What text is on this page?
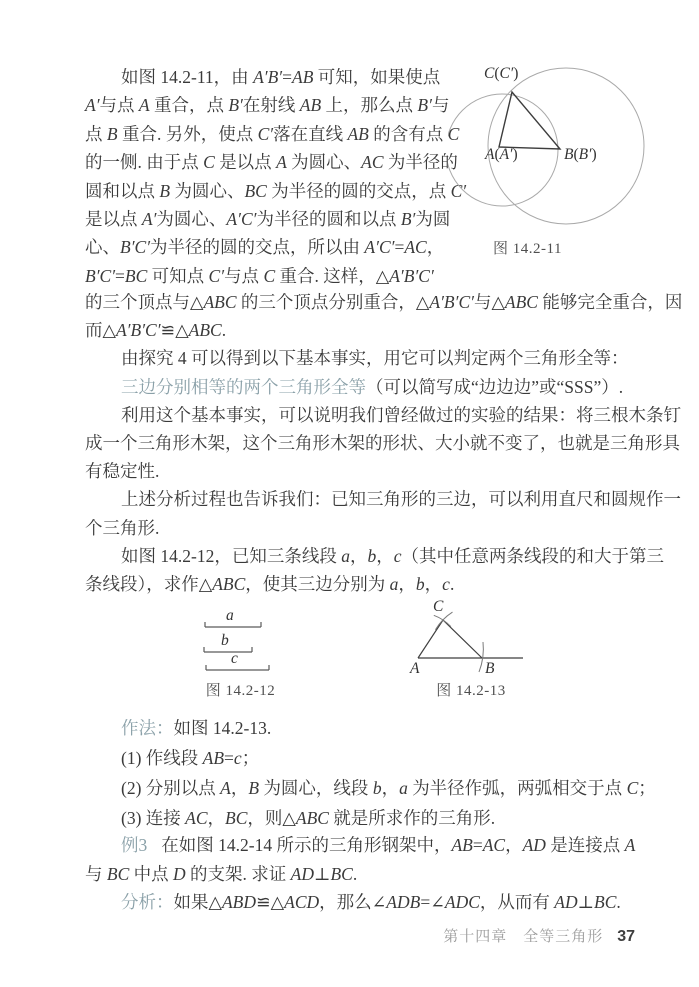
如图 14.2-11，由 A′B′=AB 可知，如果使点
A′与点 A 重合，点 B′在射线 AB 上，那么点 B′与
点 B 重合. 另外，使点 C′落在直线 AB 的含有点 C
的一侧. 由于点 C 是以点 A 为圆心、AC 为半径的
圆和以点 B 为圆心、BC 为半径的圆的交点，点 C′
是以点 A′为圆心、A′C′为半径的圆和以点 B′为圆
心、B′C′为半径的圆的交点，所以由 A′C′=AC，
B′C′=BC 可知点 C′与点 C 重合. 这样，△A′B′C′
C(C′)
A(A′)	B(B′)
图 14.2-11
的三个顶点与△ABC 的三个顶点分别重合，△A′B′C′与△ABC 能够完全重合，因
而△A′B′C′≌△ABC.
由探究 4 可以得到以下基本事实，用它可以判定两个三角形全等：
三边分别相等的两个三角形全等（可以简写成“边边边”或“SSS”）.
利用这个基本事实，可以说明我们曾经做过的实验的结果：将三根木条钉
成一个三角形木架，这个三角形木架的形状、大小就不变了，也就是三角形具
有稳定性.
上述分析过程也告诉我们：已知三角形的三边，可以利用直尺和圆规作一
个三角形.
如图 14.2-12，已知三条线段 a，b，c（其中任意两条线段的和大于第三
条线段），求作△ABC，使其三边分别为 a，b，c.
a
b
c
图 14.2-12
C
A	B
图 14.2-13
作法：如图 14.2-13.
(1) 作线段 AB=c；
(2) 分别以点 A，B 为圆心，线段 b，a 为半径作弧，两弧相交于点 C；
(3) 连接 AC，BC，则△ABC 就是所求作的三角形.
例3 在如图 14.2-14 所示的三角形钢架中，AB=AC，AD 是连接点 A
与 BC 中点 D 的支架. 求证 AD⊥BC.
分析：如果△ABD≌△ACD，那么∠ADB=∠ADC，从而有 AD⊥BC.
第十四章　全等三角形 37
